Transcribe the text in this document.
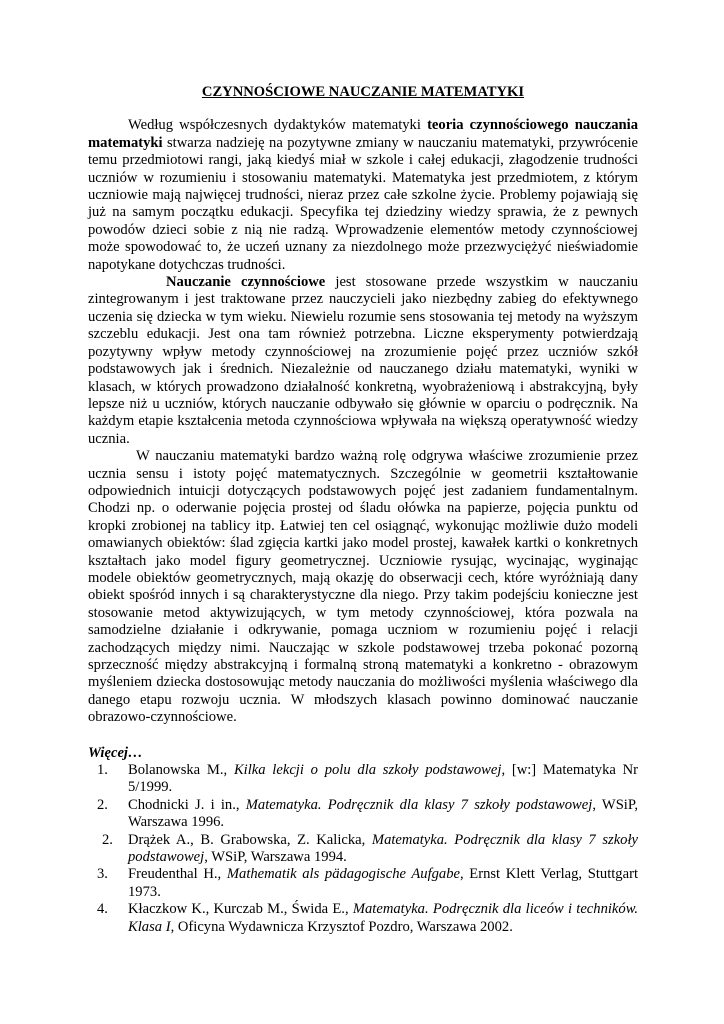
CZYNNOŚCIOWE NAUCZANIE MATEMATYKI

Według współczesnych dydaktyków matematyki teoria czynnościowego nauczania matematyki stwarza nadzieję na pozytywne zmiany w nauczaniu matematyki, przywrócenie temu przedmiotowi rangi, jaką kiedyś miał w szkole i całej edukacji, złagodzenie trudności uczniów w rozumieniu i stosowaniu matematyki. Matematyka jest przedmiotem, z którym uczniowie mają najwięcej trudności, nieraz przez całe szkolne życie. Problemy pojawiają się już na samym początku edukacji. Specyfika tej dziedziny wiedzy sprawia, że z pewnych powodów dzieci sobie z nią nie radzą. Wprowadzenie elementów metody czynnościowej może spowodować to, że uczeń uznany za niezdolnego może przezwyciężyć nieświadomie napotykane dotychczas trudności.

Nauczanie czynnościowe jest stosowane przede wszystkim w nauczaniu zintegrowanym i jest traktowane przez nauczycieli jako niezbędny zabieg do efektywnego uczenia się dziecka w tym wieku. Niewielu rozumie sens stosowania tej metody na wyższym szczeblu edukacji. Jest ona tam również potrzebna. Liczne eksperymenty potwierdzają pozytywny wpływ metody czynnościowej na zrozumienie pojęć przez uczniów szkół podstawowych jak i średnich. Niezależnie od nauczanego działu matematyki, wyniki w klasach, w których prowadzono działalność konkretną, wyobrażeniową i abstrakcyjną, były lepsze niż u uczniów, których nauczanie odbywało się głównie w oparciu o podręcznik. Na każdym etapie kształcenia metoda czynnościowa wpływała na większą operatywność wiedzy ucznia.

W nauczaniu matematyki bardzo ważną rolę odgrywa właściwe zrozumienie przez ucznia sensu i istoty pojęć matematycznych. Szczególnie w geometrii kształtowanie odpowiednich intuicji dotyczących podstawowych pojęć jest zadaniem fundamentalnym. Chodzi np. o oderwanie pojęcia prostej od śladu ołówka na papierze, pojęcia punktu od kropki zrobionej na tablicy itp. Łatwiej ten cel osiągnąć, wykonując możliwie dużo modeli omawianych obiektów: ślad zgięcia kartki jako model prostej, kawałek kartki o konkretnych kształtach jako model figury geometrycznej. Uczniowie rysując, wycinając, wyginając modele obiektów geometrycznych, mają okazję do obserwacji cech, które wyróżniają dany obiekt spośród innych i są charakterystyczne dla niego. Przy takim podejściu konieczne jest stosowanie metod aktywizujących, w tym metody czynnościowej, która pozwala na samodzielne działanie i odkrywanie, pomaga uczniom w rozumieniu pojęć i relacji zachodzących między nimi. Nauczając w szkole podstawowej trzeba pokonać pozorną sprzeczność między abstrakcyjną i formalną stroną matematyki a konkretno - obrazowym myśleniem dziecka dostosowując metody nauczania do możliwości myślenia właściwego dla danego etapu rozwoju ucznia. W młodszych klasach powinno dominować nauczanie obrazowo-czynnościowe.

Więcej…
1. Bolanowska M., Kilka lekcji o polu dla szkoły podstawowej, [w:] Matematyka Nr 5/1999.
2. Chodnicki J. i in., Matematyka. Podręcznik dla klasy 7 szkoły podstawowej, WSiP, Warszawa 1996.
2. Drążek A., B. Grabowska, Z. Kalicka, Matematyka. Podręcznik dla klasy 7 szkoły podstawowej, WSiP, Warszawa 1994.
3. Freudenthal H., Mathematik als pädagogische Aufgabe, Ernst Klett Verlag, Stuttgart 1973.
4. Kłaczkow K., Kurczab M., Świda E., Matematyka. Podręcznik dla liceów i techników. Klasa I, Oficyna Wydawnicza Krzysztof Pozdro, Warszawa 2002.
